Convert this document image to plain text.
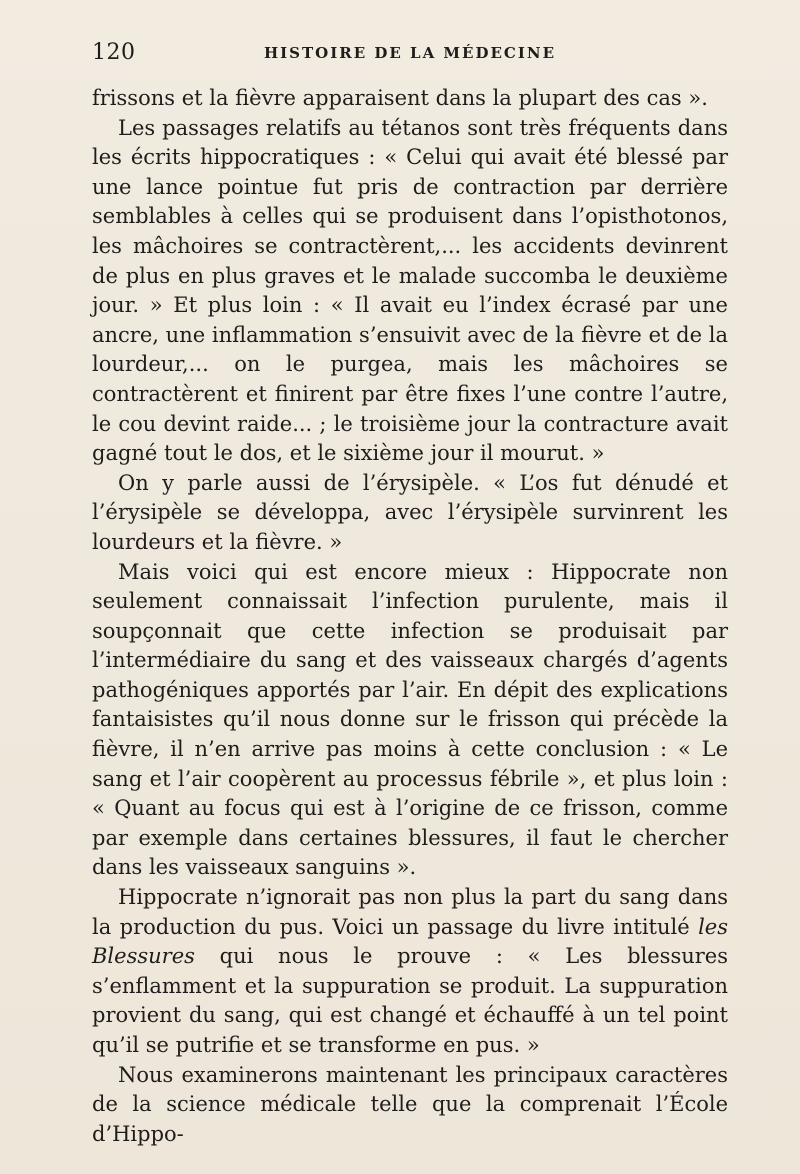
120	HISTOIRE DE LA MÉDECINE

frissons et la fièvre apparaisent dans la plupart des cas ».

Les passages relatifs au tétanos sont très fréquents dans les écrits hippocratiques : « Celui qui avait été blessé par une lance pointue fut pris de contraction par derrière semblables à celles qui se produisent dans l’opisthotonos, les mâchoires se contractèrent,... les accidents devinrent de plus en plus graves et le malade succomba le deuxième jour. » Et plus loin : « Il avait eu l’index écrasé par une ancre, une inflammation s’ensuivit avec de la fièvre et de la lourdeur,... on le purgea, mais les mâchoires se contractèrent et finirent par être fixes l’une contre l’autre, le cou devint raide... ; le troisième jour la contracture avait gagné tout le dos, et le sixième jour il mourut. »

On y parle aussi de l’érysipèle. « L’os fut dénudé et l’érysipèle se développa, avec l’érysipèle survinrent les lourdeurs et la fièvre. »

Mais voici qui est encore mieux : Hippocrate non seulement connaissait l’infection purulente, mais il soupçonnait que cette infection se produisait par l’intermédiaire du sang et des vaisseaux chargés d’agents pathogéniques apportés par l’air. En dépit des explications fantaisistes qu’il nous donne sur le frisson qui précède la fièvre, il n’en arrive pas moins à cette conclusion : « Le sang et l’air coopèrent au processus fébrile », et plus loin : « Quant au focus qui est à l’origine de ce frisson, comme par exemple dans certaines blessures, il faut le chercher dans les vaisseaux sanguins ».

Hippocrate n’ignorait pas non plus la part du sang dans la production du pus. Voici un passage du livre intitulé les Blessures qui nous le prouve : « Les blessures s’enflamment et la suppuration se produit. La suppuration provient du sang, qui est changé et échauffé à un tel point qu’il se putrifie et se transforme en pus. »

Nous examinerons maintenant les principaux caractères de la science médicale telle que la comprenait l’École d’Hippo-
